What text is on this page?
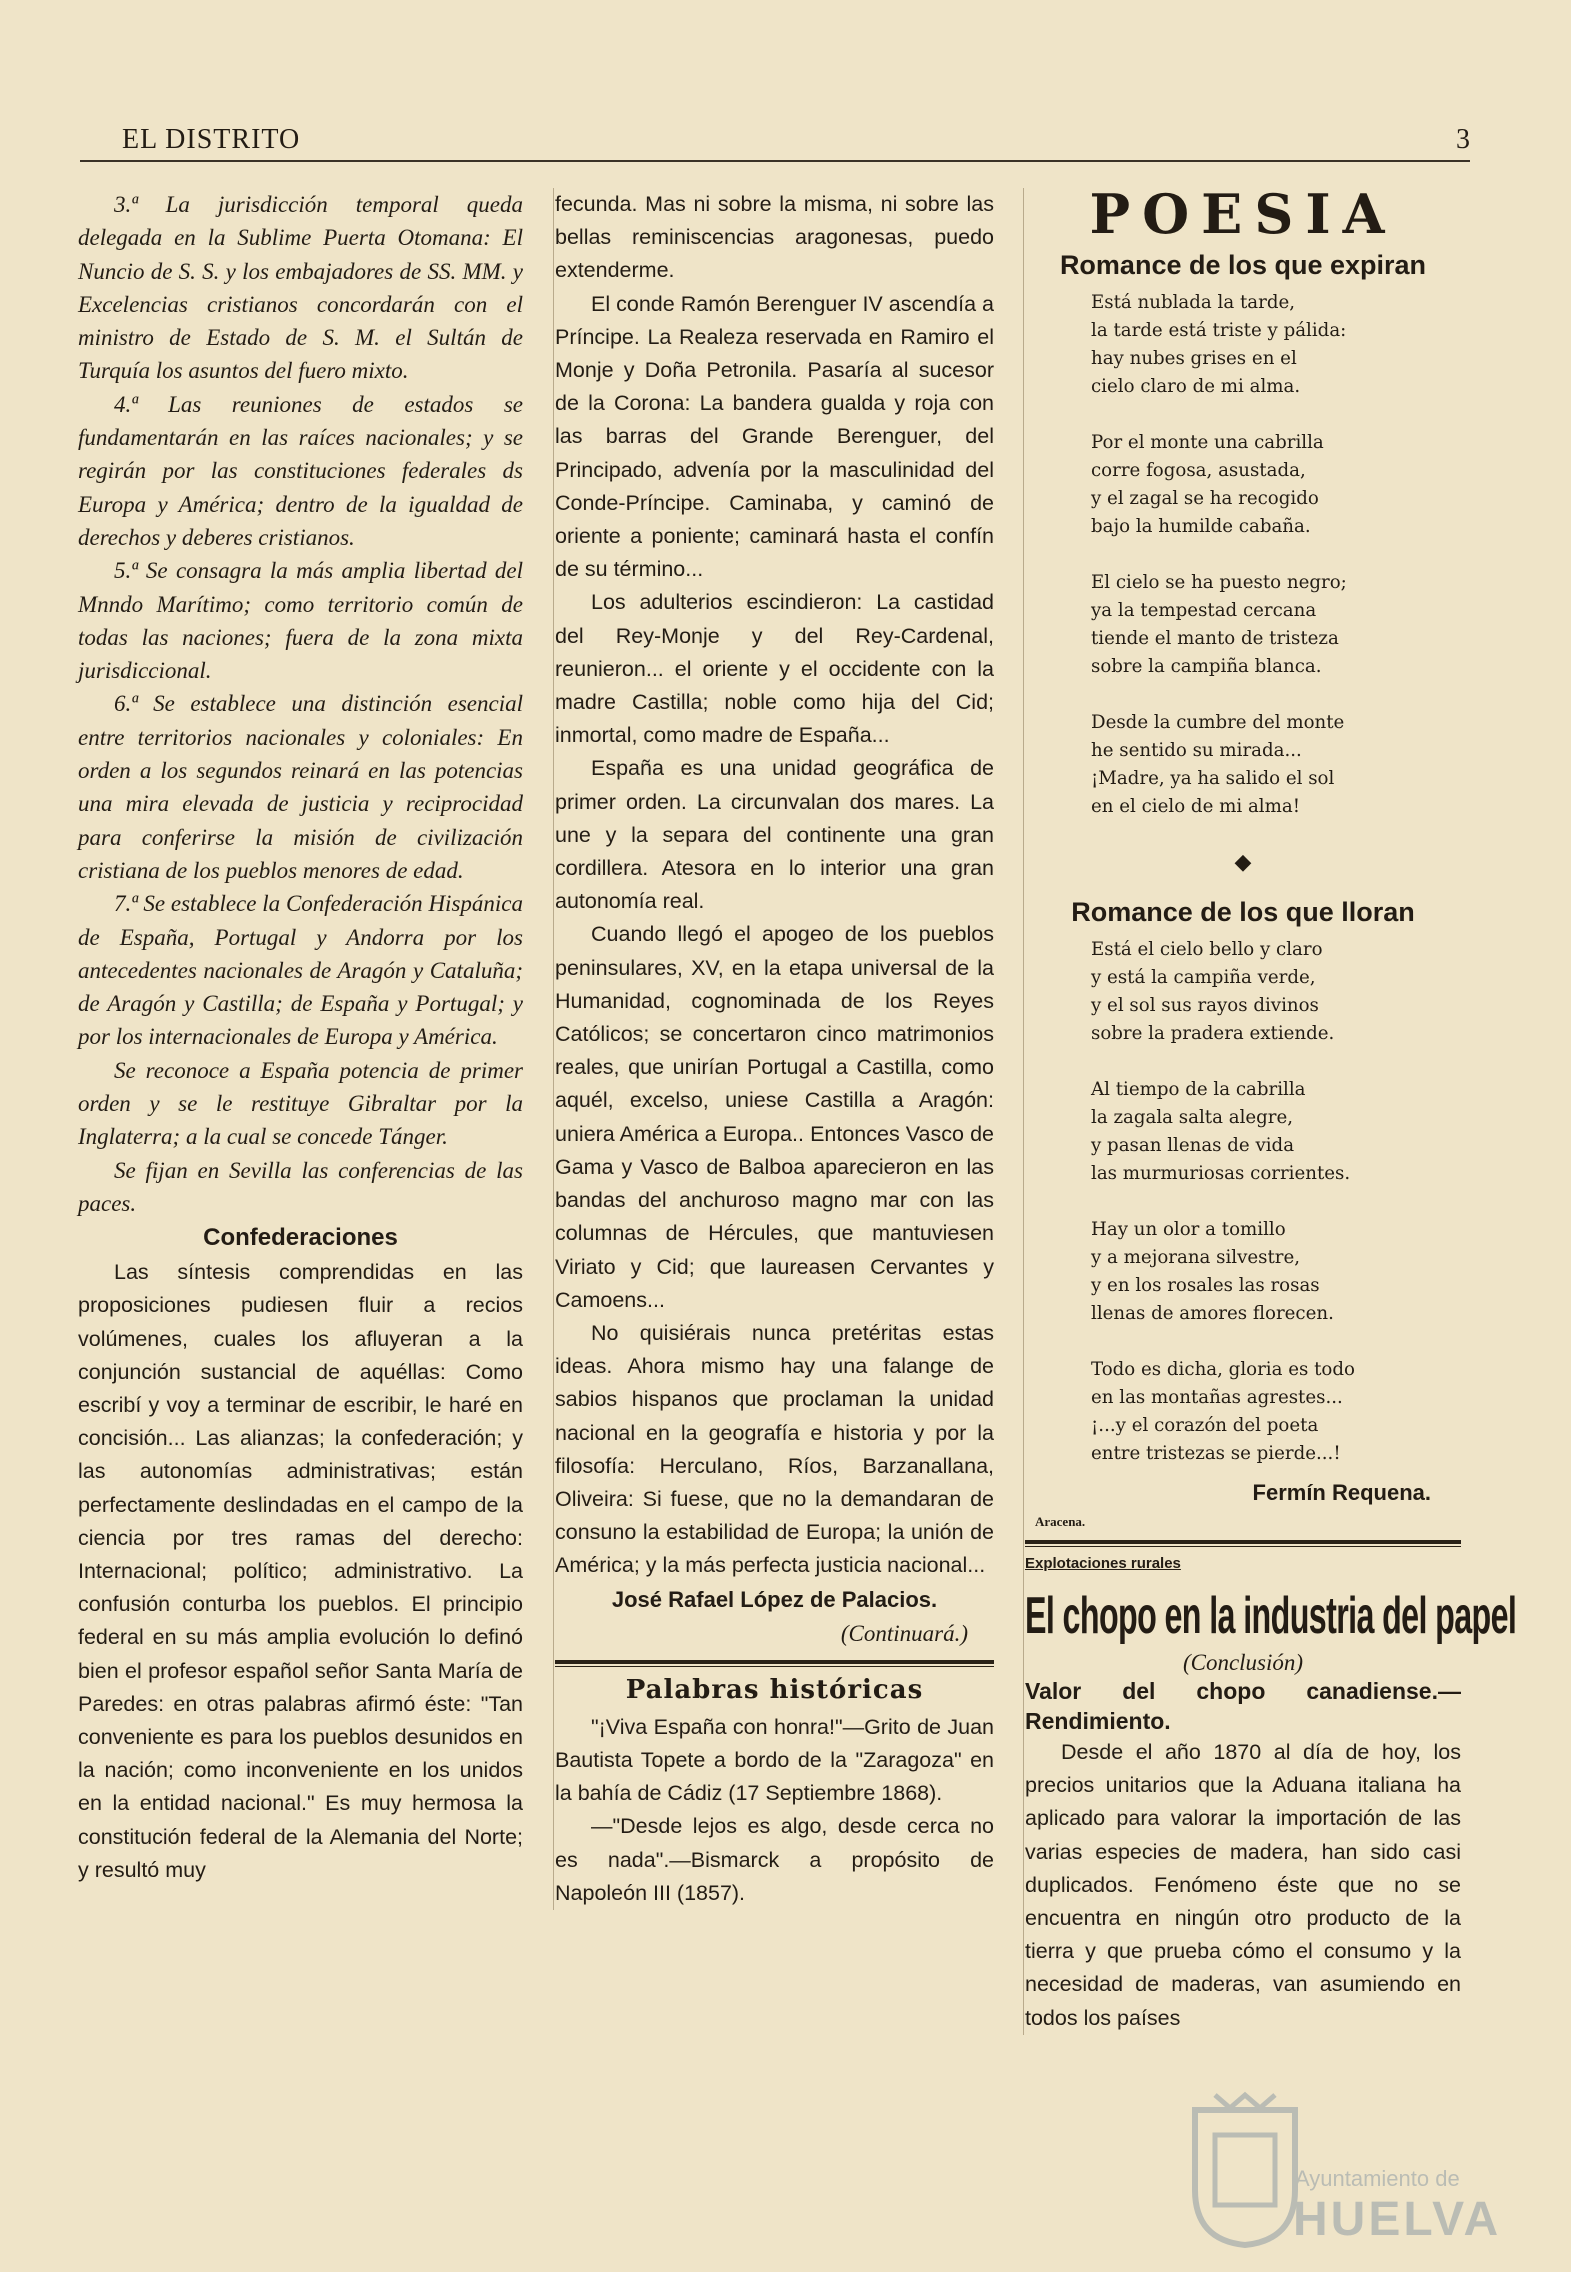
EL DISTRITO	3

3.ª La jurisdicción temporal queda delegada en la Sublime Puerta Otomana: El Nuncio de S. S. y los embajadores de SS. MM. y Excelencias cristianos concordarán con el ministro de Estado de S. M. el Sultán de Turquía los asuntos del fuero mixto.

4.ª Las reuniones de estados se fundamentarán en las raíces nacionales; y se regirán por las constituciones federales ds Europa y América; dentro de la igualdad de derechos y deberes cristianos.

5.ª Se consagra la más amplia libertad del Mnndo Marítimo; como territorio común de todas las naciones; fuera de la zona mixta jurisdiccional.

6.ª Se establece una distinción esencial entre territorios nacionales y coloniales: En orden a los segundos reinará en las potencias una mira elevada de justicia y reciprocidad para conferirse la misión de civilización cristiana de los pueblos menores de edad.

7.ª Se establece la Confederación Hispánica de España, Portugal y Andorra por los antecedentes nacionales de Aragón y Cataluña; de Aragón y Castilla; de España y Portugal; y por los internacionales de Europa y América.

Se reconoce a España potencia de primer orden y se le restituye Gibraltar por la Inglaterra; a la cual se concede Tánger.

Se fijan en Sevilla las conferencias de las paces.

Confederaciones

Las síntesis comprendidas en las proposiciones pudiesen fluir a recios volúmenes, cuales los afluyeran a la conjunción sustancial de aquéllas: Como escribí y voy a terminar de escribir, le haré en concisión... Las alianzas; la confederación; y las autonomías administrativas; están perfectamente deslindadas en el campo de la ciencia por tres ramas del derecho: Internacional; político; administrativo. La confusión conturba los pueblos. El principio federal en su más amplia evolución lo definó bien el profesor español señor Santa María de Paredes: en otras palabras afirmó éste: "Tan conveniente es para los pueblos desunidos en la nación; como inconveniente en los unidos en la entidad nacional." Es muy hermosa la constitución federal de la Alemania del Norte; y resultó muy

fecunda. Mas ni sobre la misma, ni sobre las bellas reminiscencias aragonesas, puedo extenderme.

El conde Ramón Berenguer IV ascendía a Príncipe. La Realeza reservada en Ramiro el Monje y Doña Petronila. Pasaría al sucesor de la Corona: La bandera gualda y roja con las barras del Grande Berenguer, del Principado, advenía por la masculinidad del Conde-Príncipe. Caminaba, y caminó de oriente a poniente; caminará hasta el confín de su término...

Los adulterios escindieron: La castidad del Rey-Monje y del Rey-Cardenal, reunieron... el oriente y el occidente con la madre Castilla; noble como hija del Cid; inmortal, como madre de España...

España es una unidad geográfica de primer orden. La circunvalan dos mares. La une y la separa del continente una gran cordillera. Atesora en lo interior una gran autonomía real.

Cuando llegó el apogeo de los pueblos peninsulares, XV, en la etapa universal de la Humanidad, cognominada de los Reyes Católicos; se concertaron cinco matrimonios reales, que unirían Portugal a Castilla, como aquél, excelso, uniese Castilla a Aragón: uniera América a Europa.. Entonces Vasco de Gama y Vasco de Balboa aparecieron en las bandas del anchuroso magno mar con las columnas de Hércules, que mantuviesen Viriato y Cid; que laureasen Cervantes y Camoens...

No quisiérais nunca pretéritas estas ideas. Ahora mismo hay una falange de sabios hispanos que proclaman la unidad nacional en la geografía e historia y por la filosofía: Herculano, Ríos, Barzanallana, Oliveira: Si fuese, que no la demandaran de consuno la estabilidad de Europa; la unión de América; y la más perfecta justicia nacional...

José Rafael López de Palacios.
(Continuará.)
Palabras históricas

"¡Viva España con honra!"—Grito de Juan Bautista Topete a bordo de la "Zaragoza" en la bahía de Cádiz (17 Septiembre 1868).

—"Desde lejos es algo, desde cerca no es nada".—Bismarck a propósito de Napoleón III (1857).

POESIA
Romance de los que expiran
Está nublada la tarde,
la tarde está triste y pálida:
hay nubes grises en el
cielo claro de mi alma.
Por el monte una cabrilla
corre fogosa, asustada,
y el zagal se ha recogido
bajo la humilde cabaña.
El cielo se ha puesto negro;
ya la tempestad cercana
tiende el manto de tristeza
sobre la campiña blanca.
Desde la cumbre del monte
he sentido su mirada...
¡Madre, ya ha salido el sol
en el cielo de mi alma!
◆
Romance de los que lloran
Está el cielo bello y claro
y está la campiña verde,
y el sol sus rayos divinos
sobre la pradera extiende.
Al tiempo de la cabrilla
la zagala salta alegre,
y pasan llenas de vida
las murmuriosas corrientes.
Hay un olor a tomillo
y a mejorana silvestre,
y en los rosales las rosas
llenas de amores florecen.
Todo es dicha, gloria es todo
en las montañas agrestes...
¡...y el corazón del poeta
entre tristezas se pierde...!
Fermín Requena.
Aracena.
Explotaciones rurales
El chopo en la industria del papel
(Conclusión)
Valor del chopo canadiense.—Rendimiento.

Desde el año 1870 al día de hoy, los precios unitarios que la Aduana italiana ha aplicado para valorar la importación de las varias especies de madera, han sido casi duplicados. Fenómeno éste que no se encuentra en ningún otro producto de la tierra y que prueba cómo el consumo y la necesidad de maderas, van asumiendo en todos los países

Ayuntamiento de
HUELVA
